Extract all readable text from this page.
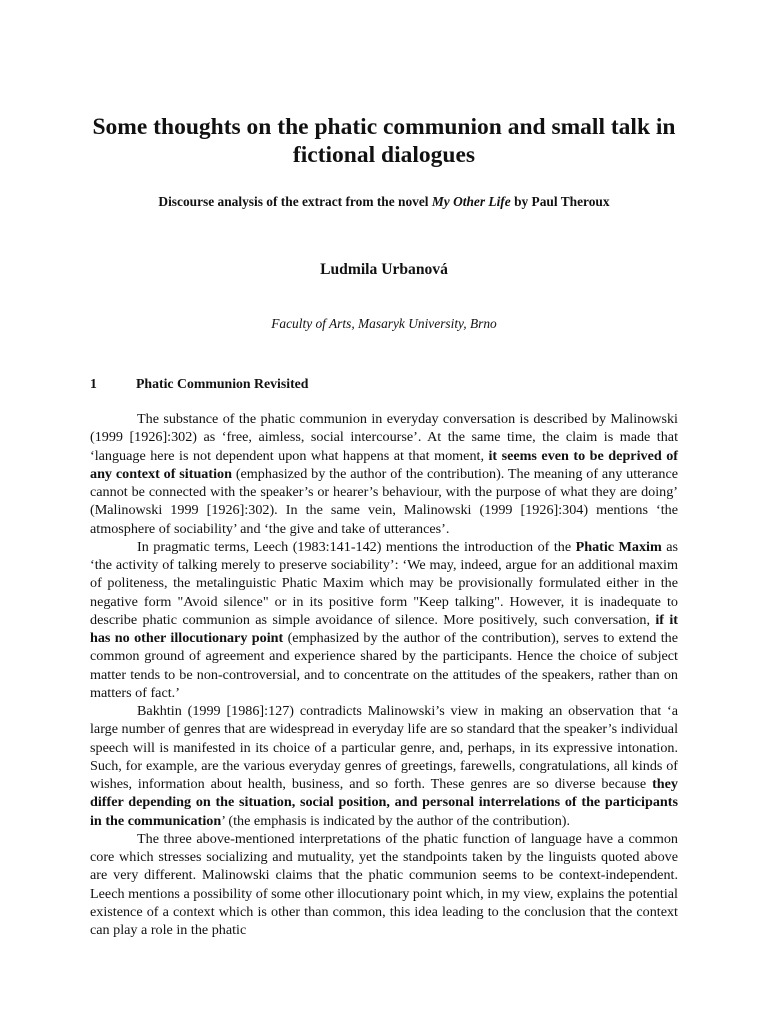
Some thoughts on the phatic communion and small talk in fictional dialogues
Discourse analysis of the extract from the novel My Other Life by Paul Theroux
Ludmila Urbanová
Faculty of Arts, Masaryk University, Brno
1	Phatic Communion Revisited

The substance of the phatic communion in everyday conversation is described by Malinowski (1999 [1926]:302) as ‘free, aimless, social intercourse’. At the same time, the claim is made that ‘language here is not dependent upon what happens at that moment, it seems even to be deprived of any context of situation (emphasized by the author of the contribution). The meaning of any utterance cannot be connected with the speaker’s or hearer’s behaviour, with the purpose of what they are doing’ (Malinowski 1999 [1926]:302). In the same vein, Malinowski (1999 [1926]:304) mentions ‘the atmosphere of sociability’ and ‘the give and take of utterances’.

In pragmatic terms, Leech (1983:141-142) mentions the introduction of the Phatic Maxim as ‘the activity of talking merely to preserve sociability’: ‘We may, indeed, argue for an additional maxim of politeness, the metalinguistic Phatic Maxim which may be provisionally formulated either in the negative form "Avoid silence" or in its positive form "Keep talking". However, it is inadequate to describe phatic communion as simple avoidance of silence. More positively, such conversation, if it has no other illocutionary point (emphasized by the author of the contribution), serves to extend the common ground of agreement and experience shared by the participants. Hence the choice of subject matter tends to be non-controversial, and to concentrate on the attitudes of the speakers, rather than on matters of fact.’

Bakhtin (1999 [1986]:127) contradicts Malinowski’s view in making an observation that ‘a large number of genres that are widespread in everyday life are so standard that the speaker’s individual speech will is manifested in its choice of a particular genre, and, perhaps, in its expressive intonation. Such, for example, are the various everyday genres of greetings, farewells, congratulations, all kinds of wishes, information about health, business, and so forth. These genres are so diverse because they differ depending on the situation, social position, and personal interrelations of the participants in the communication’ (the emphasis is indicated by the author of the contribution).

The three above-mentioned interpretations of the phatic function of language have a common core which stresses socializing and mutuality, yet the standpoints taken by the linguists quoted above are very different. Malinowski claims that the phatic communion seems to be context-independent. Leech mentions a possibility of some other illocutionary point which, in my view, explains the potential existence of a context which is other than common, this idea leading to the conclusion that the context can play a role in the phatic
